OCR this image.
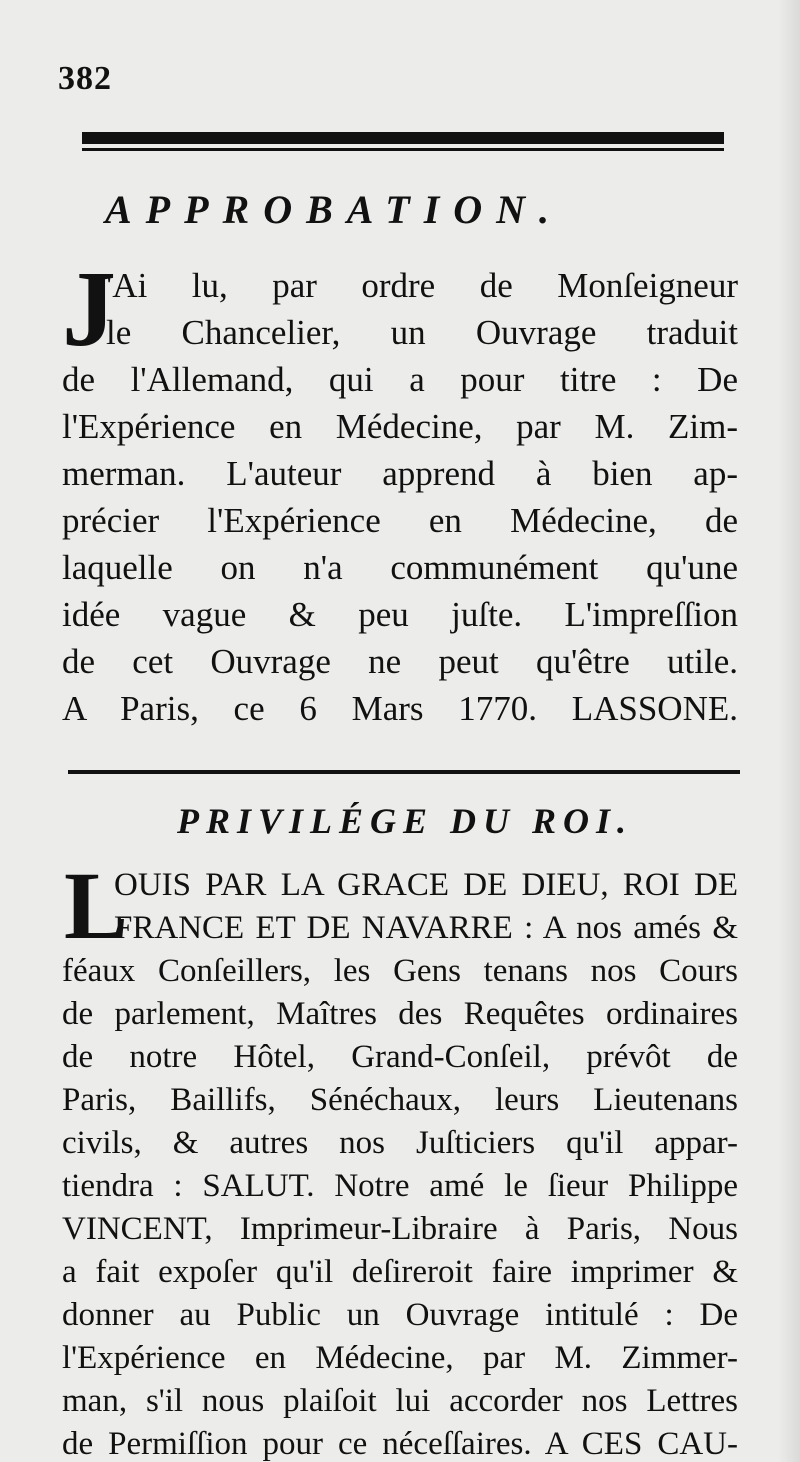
382
APPROBATION.
J
'Ai lu, par ordre de Monſeigneur
le Chancelier, un Ouvrage traduit
de l'Allemand, qui a pour titre : De
l'Expérience en Médecine, par M. Zim-
merman. L'auteur apprend à bien ap-
précier l'Expérience en Médecine, de
laquelle on n'a communément qu'une
idée vague & peu juſte. L'impreſſion
de cet Ouvrage ne peut qu'être utile.
A Paris, ce 6 Mars 1770. LASSONE.
PRIVILÉGE DU ROI.
L
OUIS PAR LA GRACE DE DIEU, ROI DE
FRANCE ET DE NAVARRE : A nos amés &
féaux Conſeillers, les Gens tenans nos Cours
de parlement, Maîtres des Requêtes ordinaires
de notre Hôtel, Grand-Conſeil, prévôt de
Paris, Baillifs, Sénéchaux, leurs Lieutenans
civils, & autres nos Juſticiers qu'il appar-
tiendra : SALUT. Notre amé le ſieur Philippe
VINCENT, Imprimeur-Libraire à Paris, Nous
a fait expoſer qu'il deſireroit faire imprimer &
donner au Public un Ouvrage intitulé : De
l'Expérience en Médecine, par M. Zimmer-
man, s'il nous plaiſoit lui accorder nos Lettres
de Permiſſion pour ce néceſſaires. A CES CAU-
